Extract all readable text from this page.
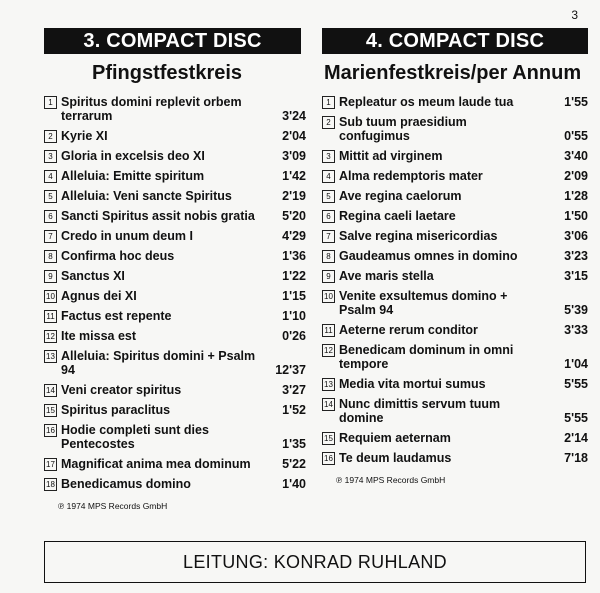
3
3. COMPACT DISC	4. COMPACT DISC
Pfingstfestkreis
1 Spiritus domini replevit orbem terrarum	3'24
2 Kyrie XI	2'04
3 Gloria in excelsis deo XI	3'09
4 Alleluia: Emitte spiritum	1'42
5 Alleluia: Veni sancte Spiritus	2'19
6 Sancti Spiritus assit nobis gratia	5'20
7 Credo in unum deum I	4'29
8 Confirma hoc deus	1'36
9 Sanctus XI	1'22
10 Agnus dei XI	1'15
11 Factus est repente	1'10
12 Ite missa est	0'26
13 Alleluia: Spiritus domini + Psalm 94	12'37
14 Veni creator spiritus	3'27
15 Spiritus paraclitus	1'52
16 Hodie completi sunt dies Pentecostes	1'35
17 Magnificat anima mea dominum	5'22
18 Benedicamus domino	1'40
℗ 1974 MPS Records GmbH
Marienfestkreis/per Annum
1 Repleatur os meum laude tua	1'55
2 Sub tuum praesidium confugimus	0'55
3 Mittit ad virginem	3'40
4 Alma redemptoris mater	2'09
5 Ave regina caelorum	1'28
6 Regina caeli laetare	1'50
7 Salve regina misericordias	3'06
8 Gaudeamus omnes in domino	3'23
9 Ave maris stella	3'15
10 Venite exsultemus domino + Psalm 94	5'39
11 Aeterne rerum conditor	3'33
12 Benedicam dominum in omni tempore	1'04
13 Media vita mortui sumus	5'55
14 Nunc dimittis servum tuum domine	5'55
15 Requiem aeternam	2'14
16 Te deum laudamus	7'18
℗ 1974 MPS Records GmbH
LEITUNG: KONRAD RUHLAND
